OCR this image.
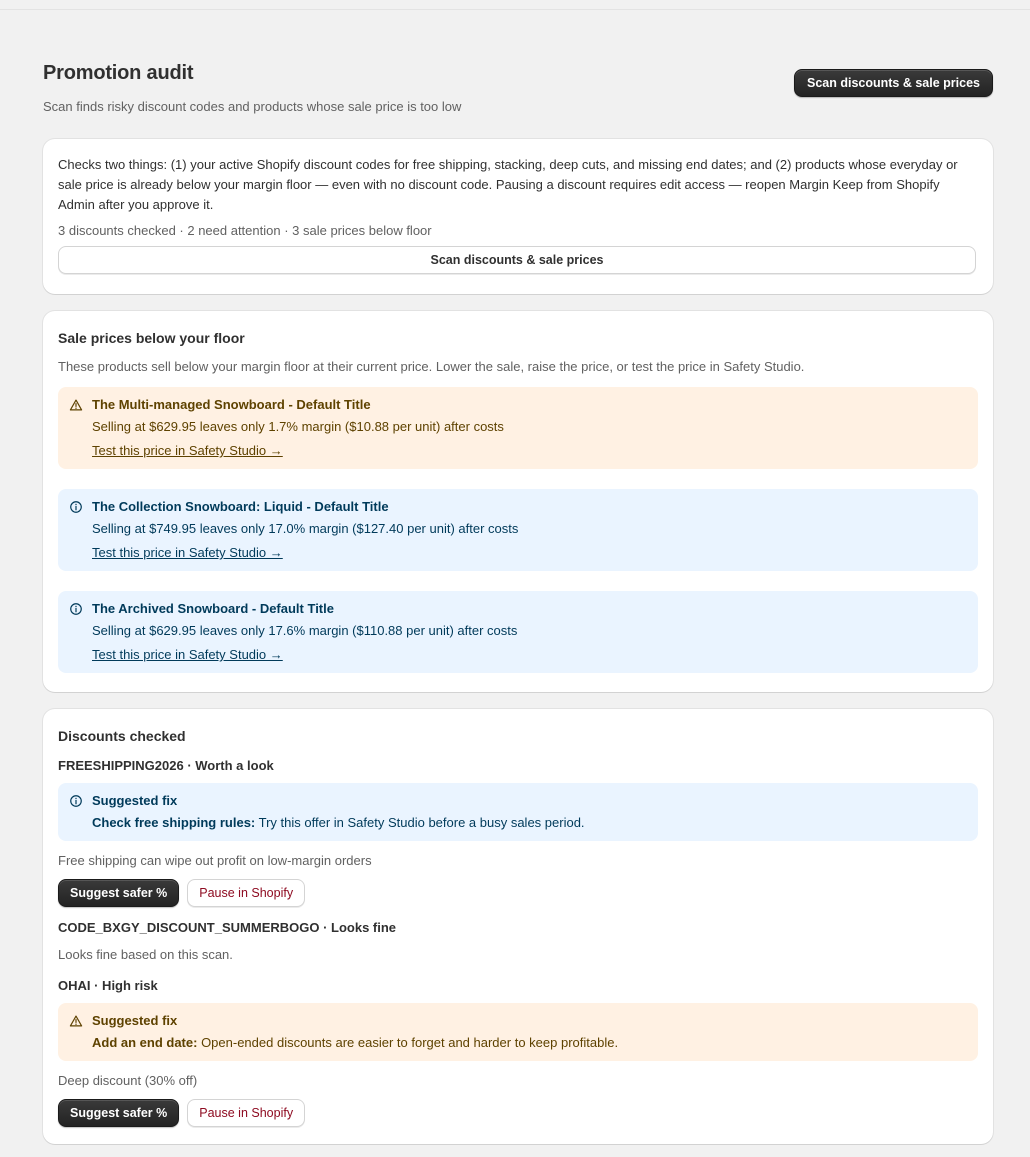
Promotion audit
Scan finds risky discount codes and products whose sale price is too low
Scan discounts & sale prices

Checks two things: (1) your active Shopify discount codes for free shipping, stacking, deep cuts, and missing end dates; and (2) products whose everyday or sale price is already below your margin floor — even with no discount code. Pausing a discount requires edit access — reopen Margin Keep from Shopify Admin after you approve it.

3 discounts checked · 2 need attention · 3 sale prices below floor
Scan discounts & sale prices
Sale prices below your floor
These products sell below your margin floor at their current price. Lower the sale, raise the price, or test the price in Safety Studio.
The Multi-managed Snowboard - Default Title
Selling at $629.95 leaves only 1.7% margin ($10.88 per unit) after costs
Test this price in Safety Studio →
The Collection Snowboard: Liquid - Default Title
Selling at $749.95 leaves only 17.0% margin ($127.40 per unit) after costs
Test this price in Safety Studio →
The Archived Snowboard - Default Title
Selling at $629.95 leaves only 17.6% margin ($110.88 per unit) after costs
Test this price in Safety Studio →
Discounts checked
FREESHIPPING2026 · Worth a look
Suggested fix
Check free shipping rules: Try this offer in Safety Studio before a busy sales period.
Free shipping can wipe out profit on low-margin orders
Suggest safer %	Pause in Shopify
CODE_BXGY_DISCOUNT_SUMMERBOGO · Looks fine
Looks fine based on this scan.
OHAI · High risk
Suggested fix
Add an end date: Open-ended discounts are easier to forget and harder to keep profitable.
Deep discount (30% off)
Suggest safer %	Pause in Shopify
